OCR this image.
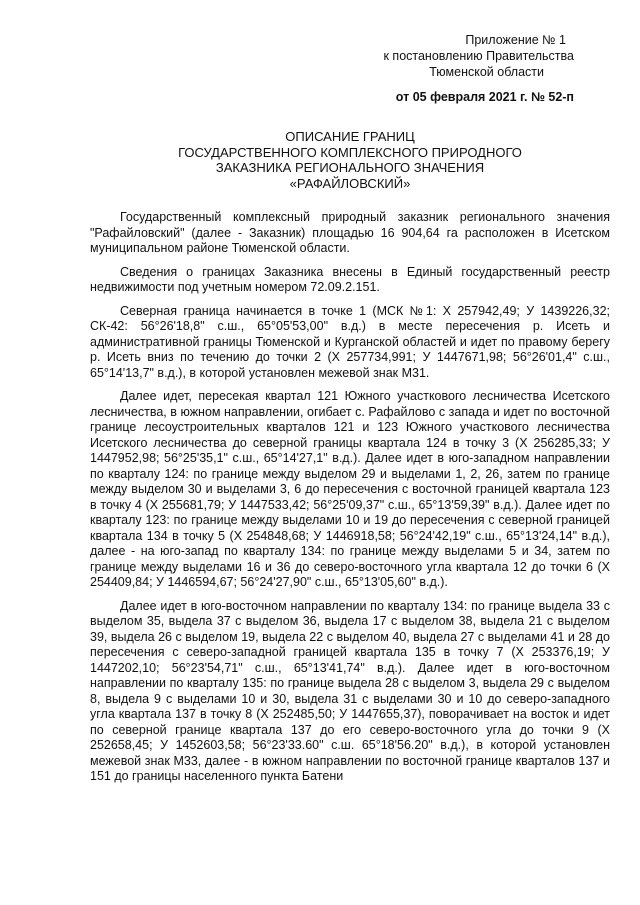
Приложение № 1
к постановлению Правительства
Тюменской области
от 05 февраля 2021 г. № 52-п
ОПИСАНИЕ ГРАНИЦ
ГОСУДАРСТВЕННОГО КОМПЛЕКСНОГО ПРИРОДНОГО
ЗАКАЗНИКА РЕГИОНАЛЬНОГО ЗНАЧЕНИЯ
«РАФАЙЛОВСКИЙ»

Государственный комплексный природный заказник регионального значения "Рафайловский" (далее - Заказник) площадью 16 904,64 га расположен в Исетском муниципальном районе Тюменской области.

Сведения о границах Заказника внесены в Единый государственный реестр недвижимости под учетным номером 72.09.2.151.

Северная граница начинается в точке 1 (МСК №1: Х 257942,49; У 1439226,32; СК-42: 56°26'18,8" с.ш., 65°05'53,00" в.д.) в месте пересечения р. Исеть и административной границы Тюменской и Курганской областей и идет по правому берегу р. Исеть вниз по течению до точки 2 (Х 257734,991; У 1447671,98; 56°26'01,4" с.ш., 65°14'13,7" в.д.), в которой установлен межевой знак М31.

Далее идет, пересекая квартал 121 Южного участкового лесничества Исетского лесничества, в южном направлении, огибает с. Рафайлово с запада и идет по восточной границе лесоустроительных кварталов 121 и 123 Южного участкового лесничества Исетского лесничества до северной границы квартала 124 в точку 3 (Х 256285,33; У 1447952,98; 56°25'35,1" с.ш., 65°14'27,1" в.д.). Далее идет в юго-западном направлении по кварталу 124: по границе между выделом 29 и выделами 1, 2, 26, затем по границе между выделом 30 и выделами 3, 6 до пересечения с восточной границей квартала 123 в точку 4 (Х 255681,79; У 1447533,42; 56°25'09,37" с.ш., 65°13'59,39" в.д.). Далее идет по кварталу 123: по границе между выделами 10 и 19 до пересечения с северной границей квартала 134 в точку 5 (Х 254848,68; У 1446918,58; 56°24'42,19" с.ш., 65°13'24,14" в.д.), далее - на юго-запад по кварталу 134: по границе между выделами 5 и 34, затем по границе между выделами 16 и 36 до северо-восточного угла квартала 12 до точки 6 (Х 254409,84; У 1446594,67; 56°24'27,90" с.ш., 65°13'05,60" в.д.).

Далее идет в юго-восточном направлении по кварталу 134: по границе выдела 33 с выделом 35, выдела 37 с выделом 36, выдела 17 с выделом 38, выдела 21 с выделом 39, выдела 26 с выделом 19, выдела 22 с выделом 40, выдела 27 с выделами 41 и 28 до пересечения с северо-западной границей квартала 135 в точку 7 (Х 253376,19; У 1447202,10; 56°23'54,71" с.ш., 65°13'41,74" в.д.). Далее идет в юго-восточном направлении по кварталу 135: по границе выдела 28 с выделом 3, выдела 29 с выделом 8, выдела 9 с выделами 10 и 30, выдела 31 с выделами 30 и 10 до северо-западного угла квартала 137 в точку 8 (Х 252485,50; У 1447655,37), поворачивает на восток и идет по северной границе квартала 137 до его северо-восточного угла до точки 9 (Х 252658,45; У 1452603,58; 56°23'33.60" с.ш. 65°18'56.20" в.д.), в которой установлен межевой знак М33, далее - в южном направлении по восточной границе кварталов 137 и 151 до границы населенного пункта Батени
